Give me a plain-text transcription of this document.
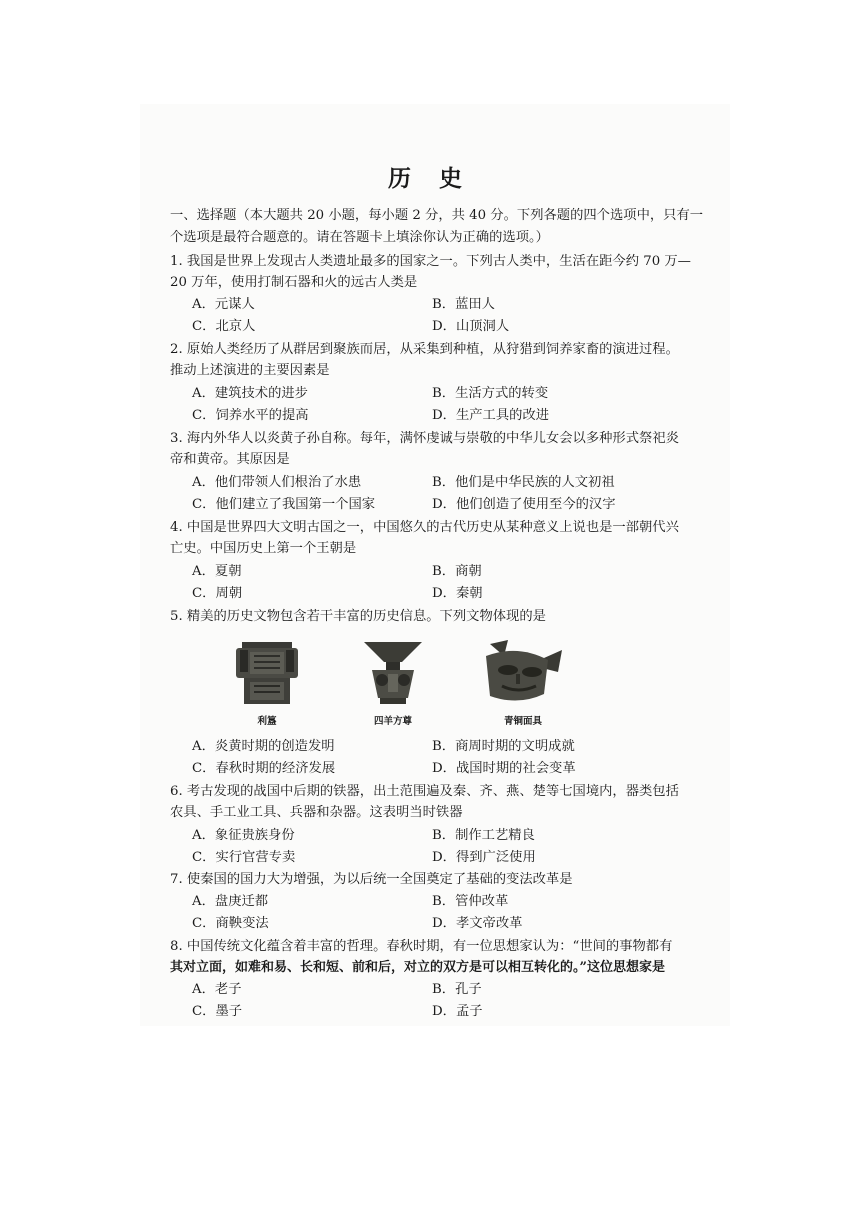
历 史
一、选择题（本大题共 20 小题，每小题 2 分，共 40 分。下列各题的四个选项中，只有一
个选项是最符合题意的。请在答题卡上填涂你认为正确的选项。）
1. 我国是世界上发现古人类遗址最多的国家之一。下列古人类中，生活在距今约 70 万—
20 万年，使用打制石器和火的远古人类是
A．元谋人	B．蓝田人
C．北京人	D．山顶洞人
2. 原始人类经历了从群居到聚族而居，从采集到种植，从狩猎到饲养家畜的演进过程。
推动上述演进的主要因素是
A．建筑技术的进步	B．生活方式的转变
C．饲养水平的提高	D．生产工具的改进
3. 海内外华人以炎黄子孙自称。每年，满怀虔诚与崇敬的中华儿女会以多种形式祭祀炎
帝和黄帝。其原因是
A．他们带领人们根治了水患	B．他们是中华民族的人文初祖
C．他们建立了我国第一个国家	D．他们创造了使用至今的汉字
4. 中国是世界四大文明古国之一，中国悠久的古代历史从某种意义上说也是一部朝代兴
亡史。中国历史上第一个王朝是
A．夏朝	B．商朝
C．周朝	D．秦朝
5. 精美的历史文物包含若干丰富的历史信息。下列文物体现的是
利簋	四羊方尊	青铜面具
A．炎黄时期的创造发明	B．商周时期的文明成就
C．春秋时期的经济发展	D．战国时期的社会变革
6. 考古发现的战国中后期的铁器，出土范围遍及秦、齐、燕、楚等七国境内，器类包括
农具、手工业工具、兵器和杂器。这表明当时铁器
A．象征贵族身份	B．制作工艺精良
C．实行官营专卖	D．得到广泛使用
7. 使秦国的国力大为增强，为以后统一全国奠定了基础的变法改革是
A．盘庚迁都	B．管仲改革
C．商鞅变法	D．孝文帝改革
8. 中国传统文化蕴含着丰富的哲理。春秋时期，有一位思想家认为：“世间的事物都有
其对立面，如难和易、长和短、前和后，对立的双方是可以相互转化的。”这位思想家是
A．老子	B．孔子
C．墨子	D．孟子
